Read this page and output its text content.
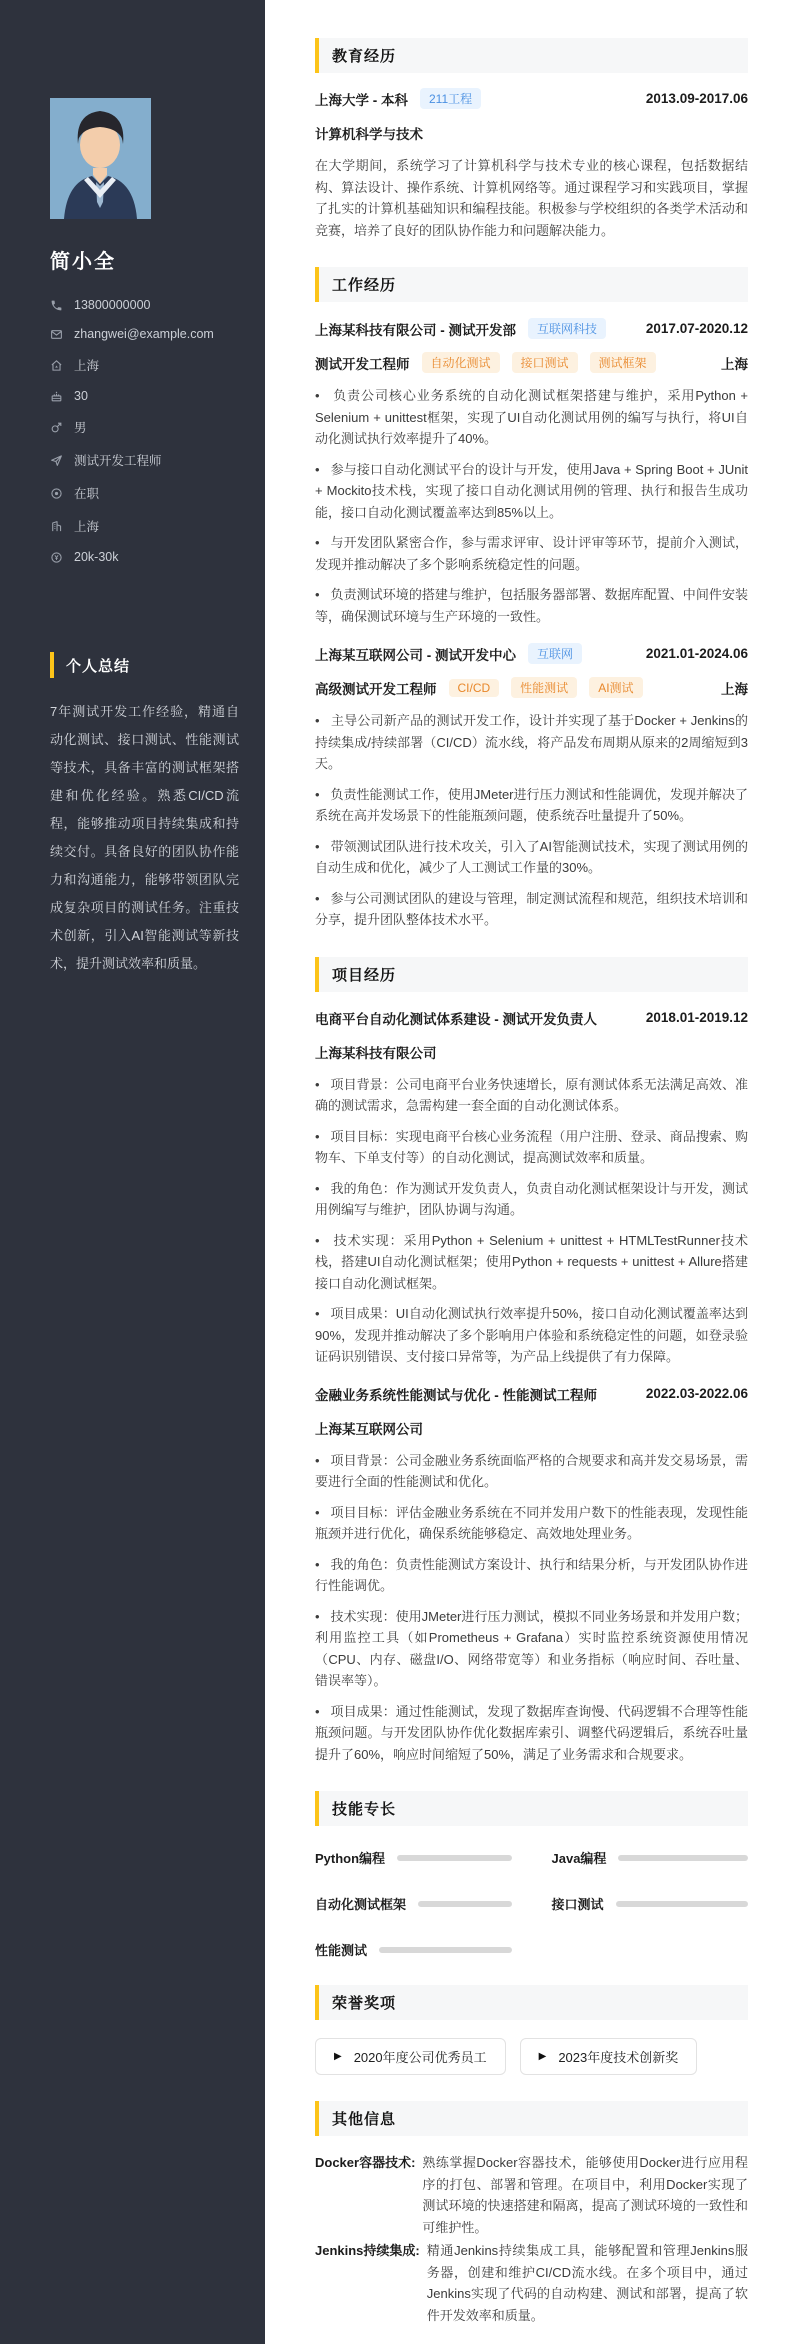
简小全
13800000000
zhangwei@example.com
上海
30
男
测试开发工程师
在职
上海
20k-30k
个人总结

7年测试开发工作经验，精通自动化测试、接口测试、性能测试等技术，具备丰富的测试框架搭建和优化经验。熟悉CI/CD流程，能够推动项目持续集成和持续交付。具备良好的团队协作能力和沟通能力，能够带领团队完成复杂项目的测试任务。注重技术创新，引入AI智能测试等新技术，提升测试效率和质量。

教育经历
上海大学 - 本科	211工程	2013.09-2017.06
计算机科学与技术

在大学期间，系统学习了计算机科学与技术专业的核心课程，包括数据结构、算法设计、操作系统、计算机网络等。通过课程学习和实践项目，掌握了扎实的计算机基础知识和编程技能。积极参与学校组织的各类学术活动和竞赛，培养了良好的团队协作能力和问题解决能力。

工作经历
上海某科技有限公司 - 测试开发部	互联网科技	2017.07-2020.12
测试开发工程师	自动化测试	接口测试	测试框架	上海

•   负责公司核心业务系统的自动化测试框架搭建与维护，采用Python + Selenium + unittest框架，实现了UI自动化测试用例的编写与执行，将UI自动化测试执行效率提升了40%。

•   参与接口自动化测试平台的设计与开发，使用Java + Spring Boot + JUnit + Mockito技术栈，实现了接口自动化测试用例的管理、执行和报告生成功能，接口自动化测试覆盖率达到85%以上。

•   与开发团队紧密合作，参与需求评审、设计评审等环节，提前介入测试，发现并推动解决了多个影响系统稳定性的问题。

•   负责测试环境的搭建与维护，包括服务器部署、数据库配置、中间件安装等，确保测试环境与生产环境的一致性。

上海某互联网公司 - 测试开发中心	互联网	2021.01-2024.06
高级测试开发工程师	CI/CD	性能测试	AI测试	上海

•   主导公司新产品的测试开发工作，设计并实现了基于Docker + Jenkins的持续集成/持续部署（CI/CD）流水线，将产品发布周期从原来的2周缩短到3天。

•   负责性能测试工作，使用JMeter进行压力测试和性能调优，发现并解决了系统在高并发场景下的性能瓶颈问题，使系统吞吐量提升了50%。

•   带领测试团队进行技术攻关，引入了AI智能测试技术，实现了测试用例的自动生成和优化，减少了人工测试工作量的30%。

•   参与公司测试团队的建设与管理，制定测试流程和规范，组织技术培训和分享，提升团队整体技术水平。

项目经历
电商平台自动化测试体系建设 - 测试开发负责人	2018.01-2019.12
上海某科技有限公司

•   项目背景：公司电商平台业务快速增长，原有测试体系无法满足高效、准确的测试需求，急需构建一套全面的自动化测试体系。

•   项目目标：实现电商平台核心业务流程（用户注册、登录、商品搜索、购物车、下单支付等）的自动化测试，提高测试效率和质量。

•   我的角色：作为测试开发负责人，负责自动化测试框架设计与开发，测试用例编写与维护，团队协调与沟通。

•   技术实现：采用Python + Selenium + unittest + HTMLTestRunner技术栈，搭建UI自动化测试框架；使用Python + requests + unittest + Allure搭建接口自动化测试框架。

•   项目成果：UI自动化测试执行效率提升50%，接口自动化测试覆盖率达到90%，发现并推动解决了多个影响用户体验和系统稳定性的问题，如登录验证码识别错误、支付接口异常等，为产品上线提供了有力保障。

金融业务系统性能测试与优化 - 性能测试工程师	2022.03-2022.06
上海某互联网公司

•   项目背景：公司金融业务系统面临严格的合规要求和高并发交易场景，需要进行全面的性能测试和优化。

•   项目目标：评估金融业务系统在不同并发用户数下的性能表现，发现性能瓶颈并进行优化，确保系统能够稳定、高效地处理业务。

•   我的角色：负责性能测试方案设计、执行和结果分析，与开发团队协作进行性能调优。

•   技术实现：使用JMeter进行压力测试，模拟不同业务场景和并发用户数；利用监控工具（如Prometheus + Grafana）实时监控系统资源使用情况（CPU、内存、磁盘I/O、网络带宽等）和业务指标（响应时间、吞吐量、错误率等）。

•   项目成果：通过性能测试，发现了数据库查询慢、代码逻辑不合理等性能瓶颈问题。与开发团队协作优化数据库索引、调整代码逻辑后，系统吞吐量提升了60%，响应时间缩短了50%，满足了业务需求和合规要求。

技能专长
Python编程	Java编程
自动化测试框架	接口测试
性能测试
荣誉奖项
▶ 2020年度公司优秀员工	▶ 2023年度技术创新奖
其他信息
Docker容器技术: 熟练掌握Docker容器技术，能够使用Docker进行应用程序的打包、部署和管理。在项目中，利用Docker实现了测试环境的快速搭建和隔离，提高了测试环境的一致性和可维护性。
Jenkins持续集成: 精通Jenkins持续集成工具，能够配置和管理Jenkins服务器，创建和维护CI/CD流水线。在多个项目中，通过Jenkins实现了代码的自动构建、测试和部署，提高了软件开发效率和质量。
